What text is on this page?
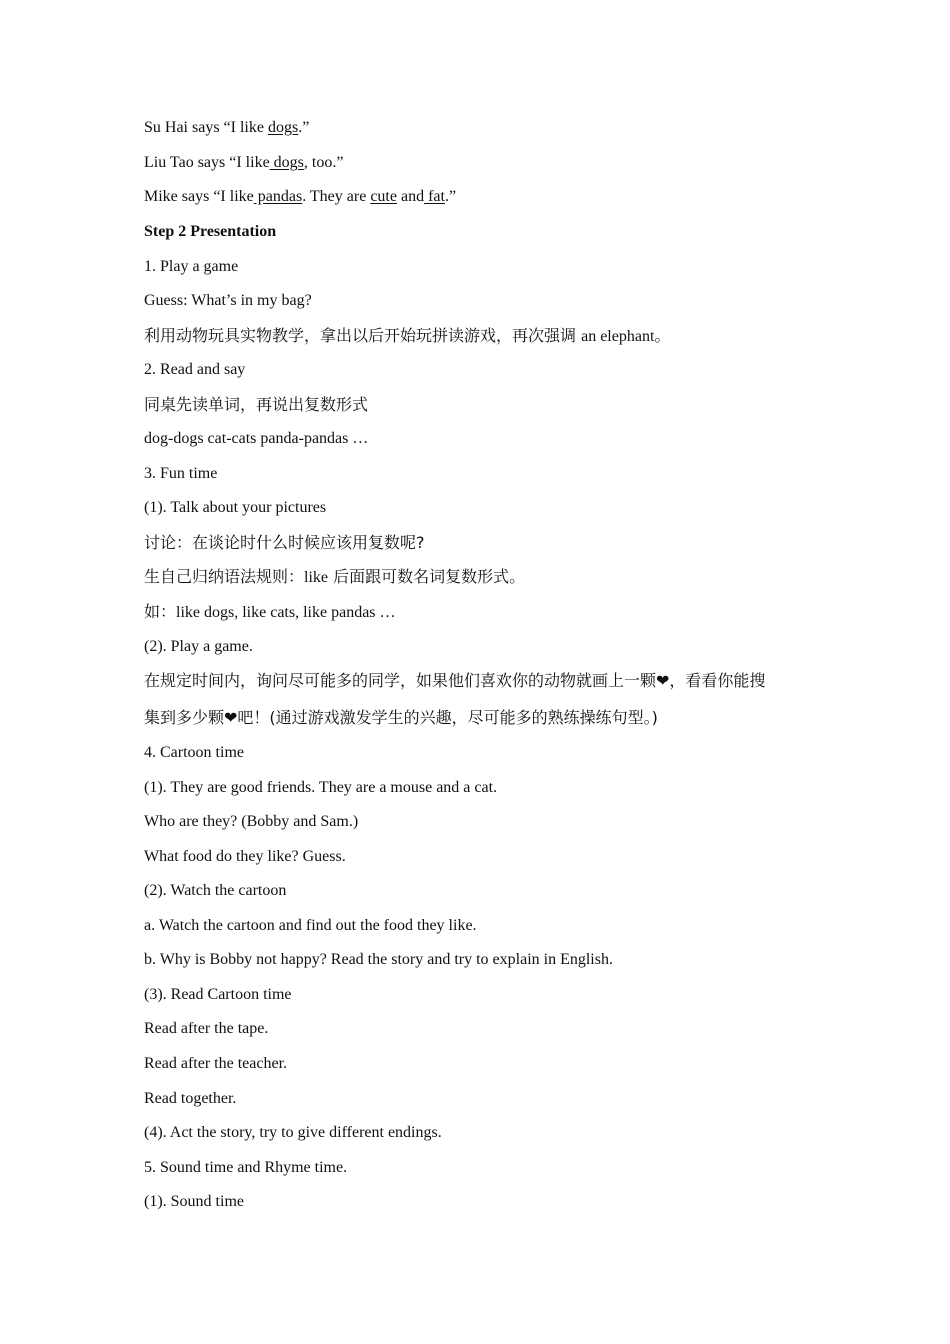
Su Hai says “I like dogs.”
Liu Tao says “I like dogs, too.”
Mike says “I like pandas. They are cute and fat.”
Step 2 Presentation
1. Play a game
Guess: What’s in my bag?
利用动物玩具实物教学，拿出以后开始玩拼读游戏，再次强调 an elephant。
2. Read and say
同桌先读单词，再说出复数形式
dog-dogs cat-cats panda-pandas …
3. Fun time
(1). Talk about your pictures
讨论：在谈论时什么时候应该用复数呢?
生自己归纳语法规则：like 后面跟可数名词复数形式。
如：like dogs, like cats, like pandas …
(2). Play a game.
在规定时间内，询问尽可能多的同学，如果他们喜欢你的动物就画上一颗❤，看看你能搜
集到多少颗❤吧！(通过游戏激发学生的兴趣，尽可能多的熟练操练句型。)
4. Cartoon time
(1). They are good friends. They are a mouse and a cat.
Who are they? (Bobby and Sam.)
What food do they like? Guess.
(2). Watch the cartoon
a. Watch the cartoon and find out the food they like.
b. Why is Bobby not happy? Read the story and try to explain in English.
(3). Read Cartoon time
Read after the tape.
Read after the teacher.
Read together.
(4). Act the story, try to give different endings.
5. Sound time and Rhyme time.
(1). Sound time
